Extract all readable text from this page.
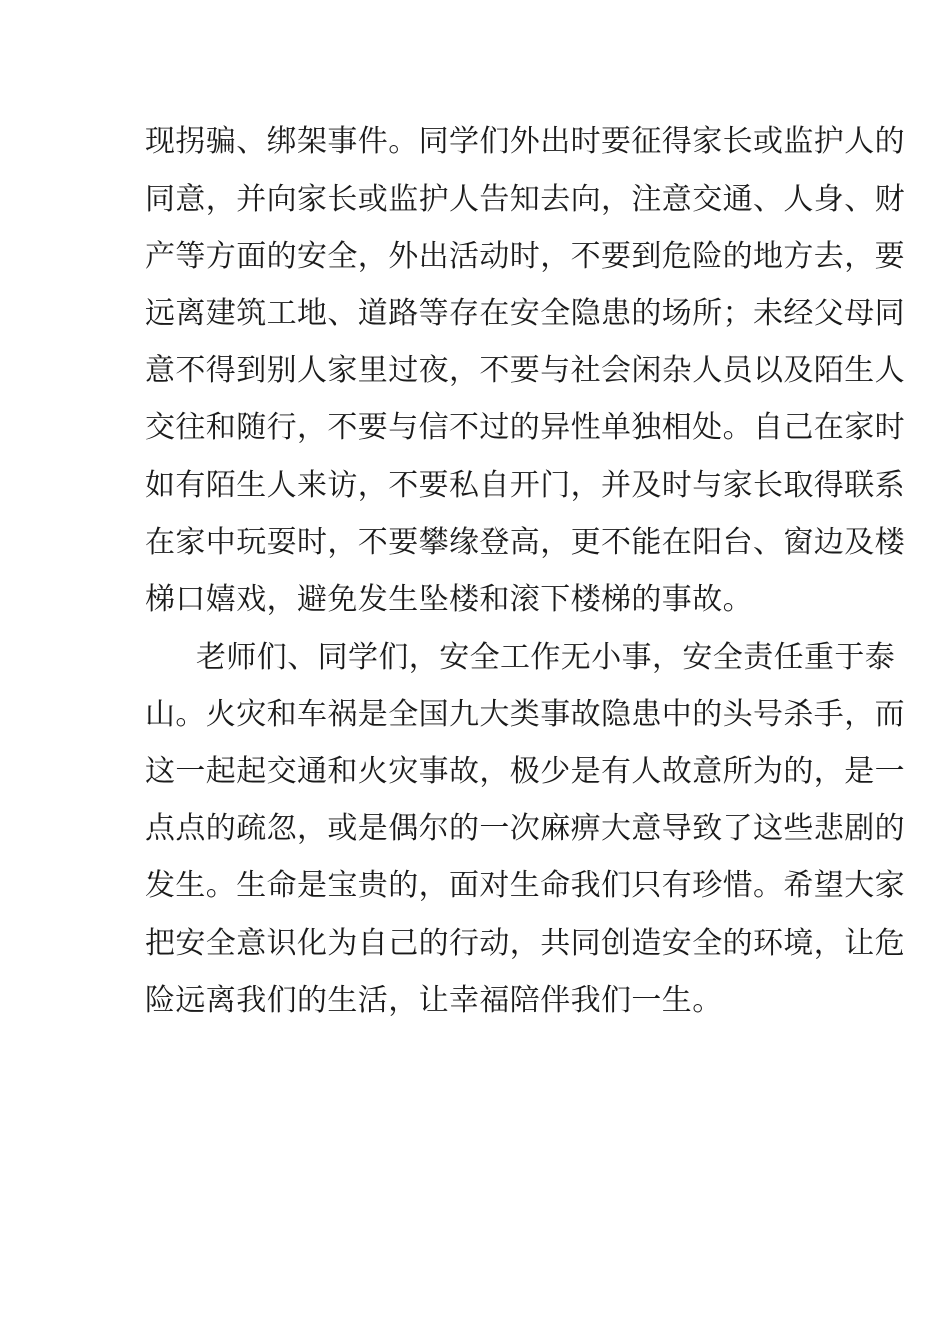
现拐骗、绑架事件。同学们外出时要征得家长或监护人的
同意，并向家长或监护人告知去向，注意交通、人身、财
产等方面的安全，外出活动时，不要到危险的地方去，要
远离建筑工地、道路等存在安全隐患的场所；未经父母同
意不得到别人家里过夜，不要与社会闲杂人员以及陌生人
交往和随行，不要与信不过的异性单独相处。自己在家时
如有陌生人来访，不要私自开门，并及时与家长取得联系
在家中玩耍时，不要攀缘登高，更不能在阳台、窗边及楼
梯口嬉戏，避免发生坠楼和滚下楼梯的事故。
老师们、同学们，安全工作无小事，安全责任重于泰
山。火灾和车祸是全国九大类事故隐患中的头号杀手，而
这一起起交通和火灾事故，极少是有人故意所为的，是一
点点的疏忽，或是偶尔的一次麻痹大意导致了这些悲剧的
发生。生命是宝贵的，面对生命我们只有珍惜。希望大家
把安全意识化为自己的行动，共同创造安全的环境，让危
险远离我们的生活，让幸福陪伴我们一生。
